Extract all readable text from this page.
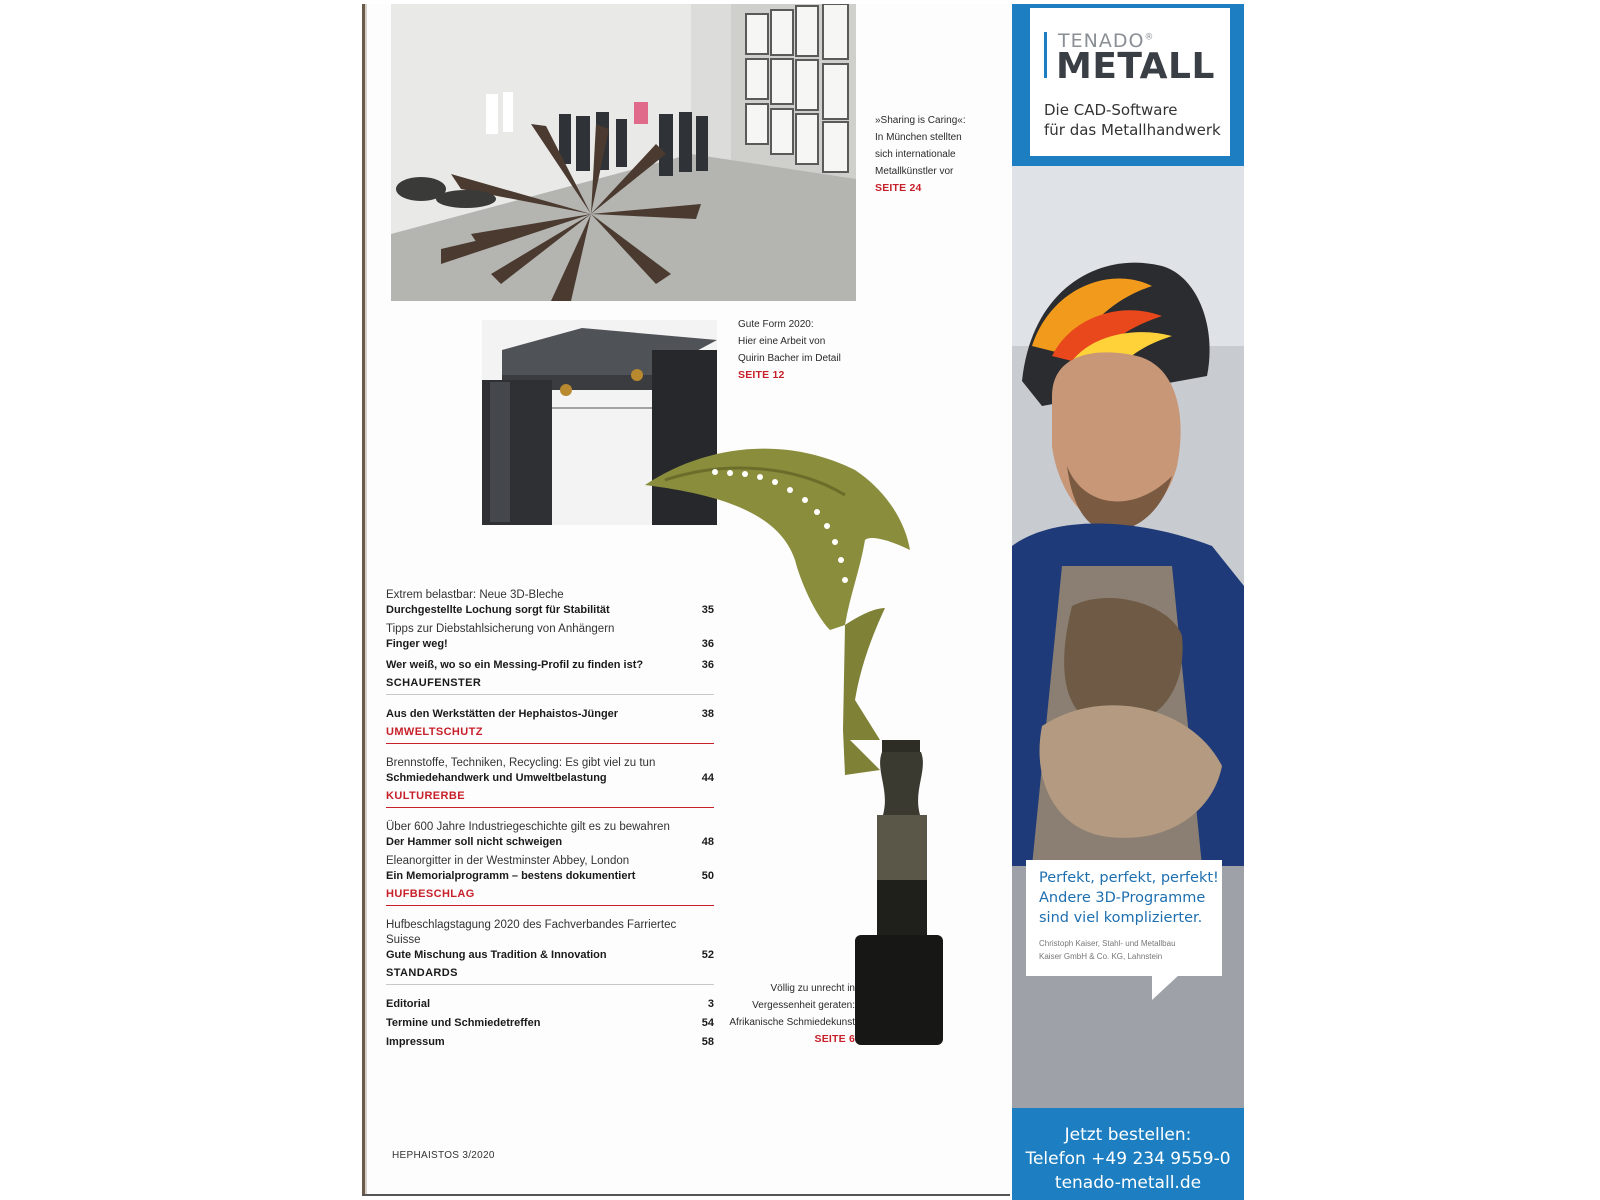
»Sharing is Caring«:
In München stellten
sich internationale
Metallkünstler vor
SEITE 24
Gute Form 2020:
Hier eine Arbeit von
Quirin Bacher im Detail
SEITE 12
Völlig zu unrecht in
Vergessenheit geraten:
Afrikanische Schmiedekunst
SEITE 6
Extrem belastbar: Neue 3D-Bleche
Durchgestellte Lochung sorgt für Stabilität	35
Tipps zur Diebstahlsicherung von Anhängern
Finger weg!	36
Wer weiß, wo so ein Messing-Profil zu finden ist?	36
SCHAUFENSTER
Aus den Werkstätten der Hephaistos-Jünger	38
UMWELTSCHUTZ
Brennstoffe, Techniken, Recycling: Es gibt viel zu tun
Schmiedehandwerk und Umweltbelastung	44
KULTURERBE
Über 600 Jahre Industriegeschichte gilt es zu bewahren
Der Hammer soll nicht schweigen	48
Eleanorgitter in der Westminster Abbey, London
Ein Memorialprogramm – bestens dokumentiert	50
HUFBESCHLAG
Hufbeschlagstagung 2020 des Fachverbandes Farriertec Suisse
Gute Mischung aus Tradition & Innovation	52
STANDARDS
Editorial	3
Termine und Schmiedetreffen	54
Impressum	58
HEPHAISTOS 3/2020
TENADO®
METALL
Die CAD-Software
für das Metallhandwerk
Perfekt, perfekt, perfekt!
Andere 3D-Programme
sind viel komplizierter.
Christoph Kaiser, Stahl- und Metallbau
Kaiser GmbH & Co. KG, Lahnstein
Jetzt bestellen:
Telefon +49 234 9559-0
tenado-metall.de
